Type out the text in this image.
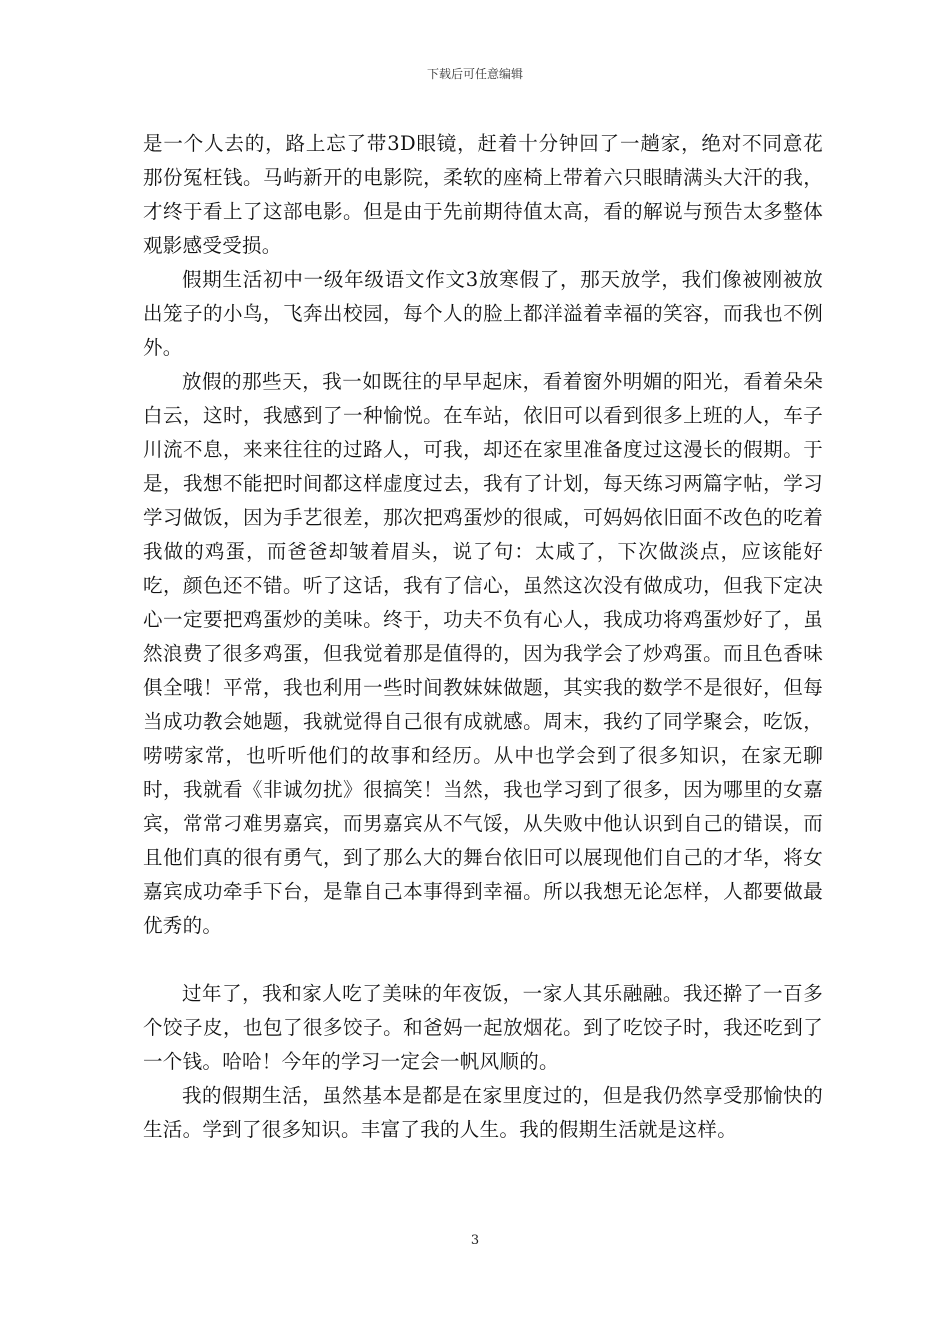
下载后可任意编辑

是一个人去的，路上忘了带3D眼镜，赶着十分钟回了一趟家，绝对不同意花那份冤枉钱。马屿新开的电影院，柔软的座椅上带着六只眼睛满头大汗的我，才终于看上了这部电影。但是由于先前期待值太高，看的解说与预告太多整体观影感受受损。

假期生活初中一级年级语文作文3放寒假了，那天放学，我们像被刚被放出笼子的小鸟，飞奔出校园，每个人的脸上都洋溢着幸福的笑容，而我也不例外。

放假的那些天，我一如既往的早早起床，看着窗外明媚的阳光，看着朵朵白云，这时，我感到了一种愉悦。在车站，依旧可以看到很多上班的人，车子川流不息，来来往往的过路人，可我，却还在家里准备度过这漫长的假期。于是，我想不能把时间都这样虚度过去，我有了计划，每天练习两篇字帖，学习学习做饭，因为手艺很差，那次把鸡蛋炒的很咸，可妈妈依旧面不改色的吃着我做的鸡蛋，而爸爸却皱着眉头，说了句：太咸了，下次做淡点，应该能好吃，颜色还不错。听了这话，我有了信心，虽然这次没有做成功，但我下定决心一定要把鸡蛋炒的美味。终于，功夫不负有心人，我成功将鸡蛋炒好了，虽然浪费了很多鸡蛋，但我觉着那是值得的，因为我学会了炒鸡蛋。而且色香味俱全哦！平常，我也利用一些时间教妹妹做题，其实我的数学不是很好，但每当成功教会她题，我就觉得自己很有成就感。周末，我约了同学聚会，吃饭，唠唠家常，也听听他们的故事和经历。从中也学会到了很多知识，在家无聊时，我就看《非诚勿扰》很搞笑！当然，我也学习到了很多，因为哪里的女嘉宾，常常刁难男嘉宾，而男嘉宾从不气馁，从失败中他认识到自己的错误，而且他们真的很有勇气，到了那么大的舞台依旧可以展现他们自己的才华，将女嘉宾成功牵手下台，是靠自己本事得到幸福。所以我想无论怎样，人都要做最优秀的。

过年了，我和家人吃了美味的年夜饭，一家人其乐融融。我还擀了一百多个饺子皮，也包了很多饺子。和爸妈一起放烟花。到了吃饺子时，我还吃到了一个钱。哈哈！今年的学习一定会一帆风顺的。

我的假期生活，虽然基本是都是在家里度过的，但是我仍然享受那愉快的生活。学到了很多知识。丰富了我的人生。我的假期生活就是这样。

3
